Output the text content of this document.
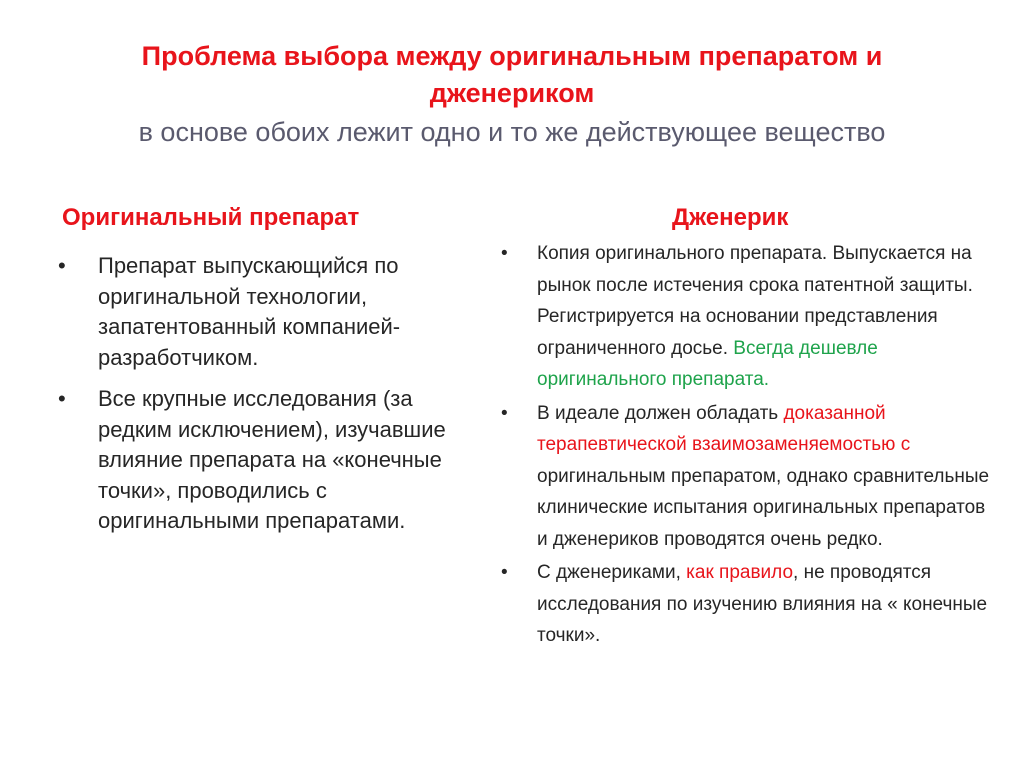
Проблема выбора между оригинальным препаратом и
дженериком
в основе обоих лежит одно и то же действующее вещество
Оригинальный препарат	Дженерик
• Препарат выпускающийся по оригинальной технологии, запатентованный компанией-разработчиком.
• Все крупные исследования (за редким исключением), изучавшие влияние препарата на «конечные точки», проводились с оригинальными препаратами.
• Копия оригинального препарата. Выпускается на рынок после истечения срока патентной защиты. Регистрируется на основании представления ограниченного досье. Всегда дешевле оригинального препарата.
• В идеале должен обладать доказанной терапевтической взаимозаменяемостью с оригинальным препаратом, однако сравнительные клинические испытания оригинальных препаратов и дженериков проводятся очень редко.
• С дженериками, как правило, не проводятся исследования по изучению влияния на « конечные точки».
